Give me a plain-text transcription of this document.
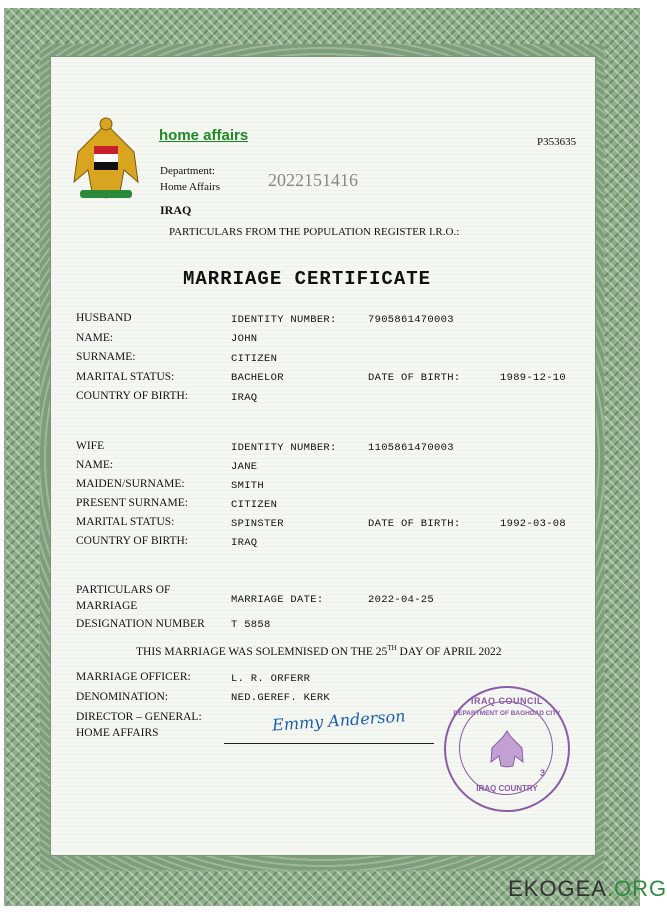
home affairs	P353635
Department:
Home Affairs	2022151416
IRAQ
PARTICULARS FROM THE POPULATION REGISTER I.R.O.:
MARRIAGE CERTIFICATE
HUSBAND	IDENTITY NUMBER:	7905861470003
NAME:	JOHN
SURNAME:	CITIZEN
MARITAL STATUS:	BACHELOR	DATE OF BIRTH:	1989-12-10
COUNTRY OF BIRTH:	IRAQ
WIFE	IDENTITY NUMBER:	1105861470003
NAME:	JANE
MAIDEN/SURNAME:	SMITH
PRESENT SURNAME:	CITIZEN
MARITAL STATUS:	SPINSTER	DATE OF BIRTH:	1992-03-08
COUNTRY OF BIRTH:	IRAQ
PARTICULARS OF
MARRIAGE	MARRIAGE DATE:	2022-04-25
DESIGNATION NUMBER	T 5858
THIS MARRIAGE WAS SOLEMNISED ON THE 25TH DAY OF APRIL 2022
MARRIAGE OFFICER:	L. R. ORFERR
DENOMINATION:	NED.GEREF. KERK
DIRECTOR – GENERAL:
HOME AFFAIRS	Emmy Anderson
IRAQ COUNCIL
DEPARTMENT OF BAGHDAD CITY
IRAQ COUNTRY
3
EKOGEA.ORG
